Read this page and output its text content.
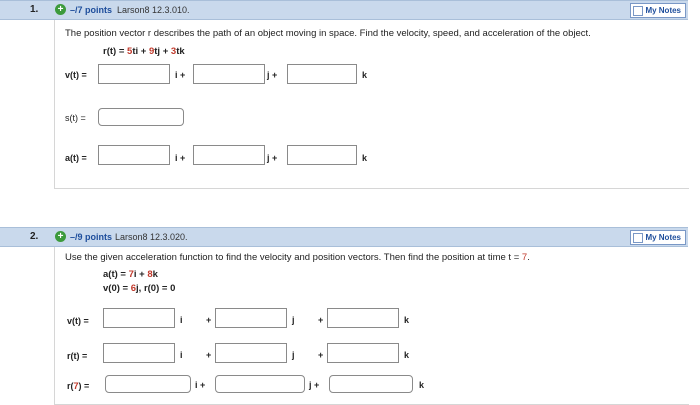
1. + –/7 points Larson8 12.3.010.	My Notes
The position vector r describes the path of an object moving in space. Find the velocity, speed, and acceleration of the object.
r(t) = 5ti + 9tj + 3tk
v(t) =	i +	j +	k
s(t) =
a(t) =	i +	j +	k
2. + –/9 points Larson8 12.3.020.	My Notes
Use the given acceleration function to find the velocity and position vectors. Then find the position at time t = 7.
a(t) = 7i + 8k
v(0) = 6j, r(0) = 0
v(t) =	i	+	j	+	k
r(t) =	i	+	j	+	k
r(7) =	i +	j +	k
